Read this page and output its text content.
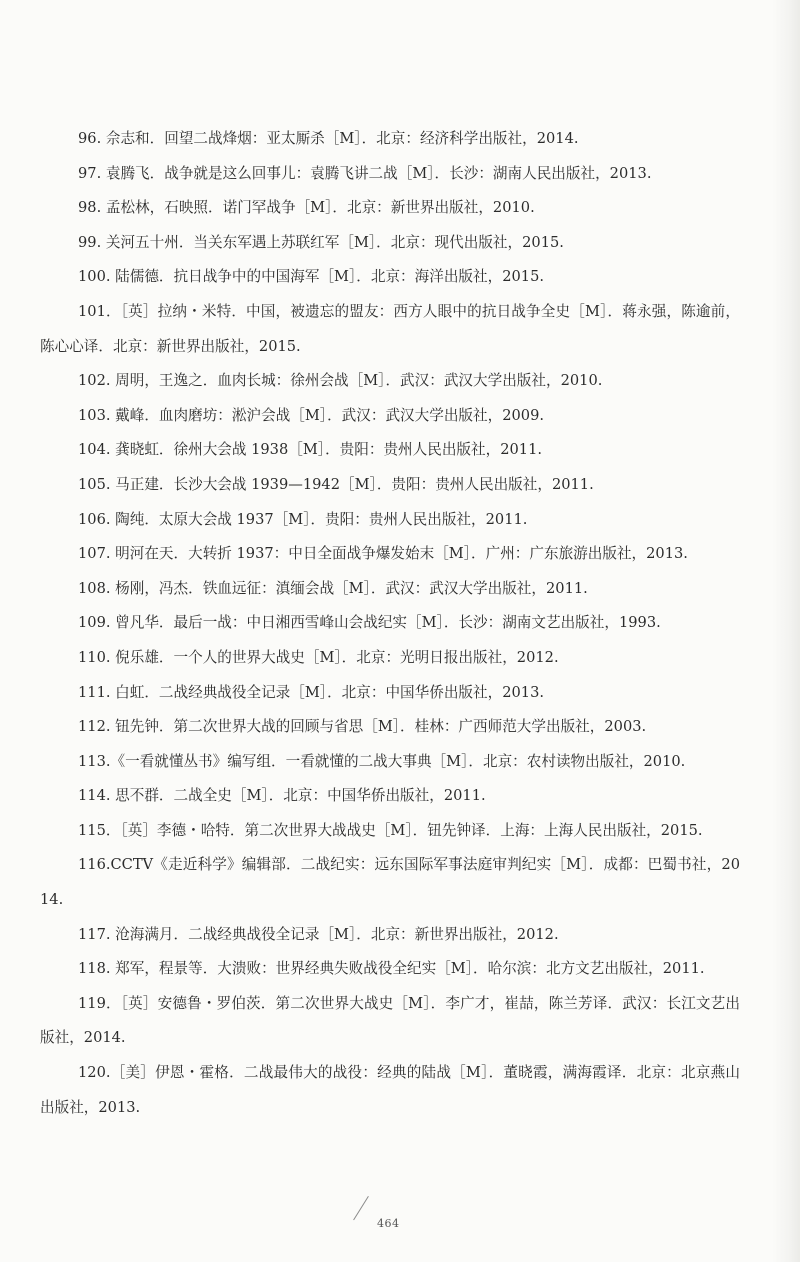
96. 佘志和．回望二战烽烟：亚太厮杀［M］．北京：经济科学出版社，2014.
97. 袁腾飞．战争就是这么回事儿：袁腾飞讲二战［M］．长沙：湖南人民出版社，2013.
98. 孟松林，石映照．诺门罕战争［M］．北京：新世界出版社，2010.
99. 关河五十州．当关东军遇上苏联红军［M］．北京：现代出版社，2015.
100. 陆儒德．抗日战争中的中国海军［M］．北京：海洋出版社，2015.
101．［英］拉纳・米特．中国，被遗忘的盟友：西方人眼中的抗日战争全史［M］．蒋永强，陈逾前，陈心心译．北京：新世界出版社，2015.
102. 周明，王逸之．血肉长城：徐州会战［M］．武汉：武汉大学出版社，2010.
103. 戴峰．血肉磨坊：淞沪会战［M］．武汉：武汉大学出版社，2009.
104. 龚晓虹．徐州大会战 1938［M］．贵阳：贵州人民出版社，2011.
105. 马正建．长沙大会战 1939—1942［M］．贵阳：贵州人民出版社，2011.
106. 陶纯．太原大会战 1937［M］．贵阳：贵州人民出版社，2011.
107. 明河在天．大转折 1937：中日全面战争爆发始末［M］．广州：广东旅游出版社，2013.
108. 杨刚，冯杰．铁血远征：滇缅会战［M］．武汉：武汉大学出版社，2011.
109. 曾凡华．最后一战：中日湘西雪峰山会战纪实［M］．长沙：湖南文艺出版社，1993.
110. 倪乐雄．一个人的世界大战史［M］．北京：光明日报出版社，2012.
111. 白虹．二战经典战役全记录［M］．北京：中国华侨出版社，2013.
112. 钮先钟．第二次世界大战的回顾与省思［M］．桂林：广西师范大学出版社，2003.
113.《一看就懂丛书》编写组．一看就懂的二战大事典［M］．北京：农村读物出版社，2010.
114. 思不群．二战全史［M］．北京：中国华侨出版社，2011.
115．［英］李德・哈特．第二次世界大战战史［M］．钮先钟译．上海：上海人民出版社，2015.
116.CCTV《走近科学》编辑部．二战纪实：远东国际军事法庭审判纪实［M］．成都：巴蜀书社，2014.
117. 沧海满月．二战经典战役全记录［M］．北京：新世界出版社，2012.
118. 郑军，程景等．大溃败：世界经典失败战役全纪实［M］．哈尔滨：北方文艺出版社，2011.
119．［英］安德鲁・罗伯茨．第二次世界大战史［M］．李广才，崔喆，陈兰芳译．武汉：长江文艺出版社，2014.
120.［美］伊恩・霍格．二战最伟大的战役：经典的陆战［M］．董晓霞，满海霞译．北京：北京燕山出版社，2013.
464
